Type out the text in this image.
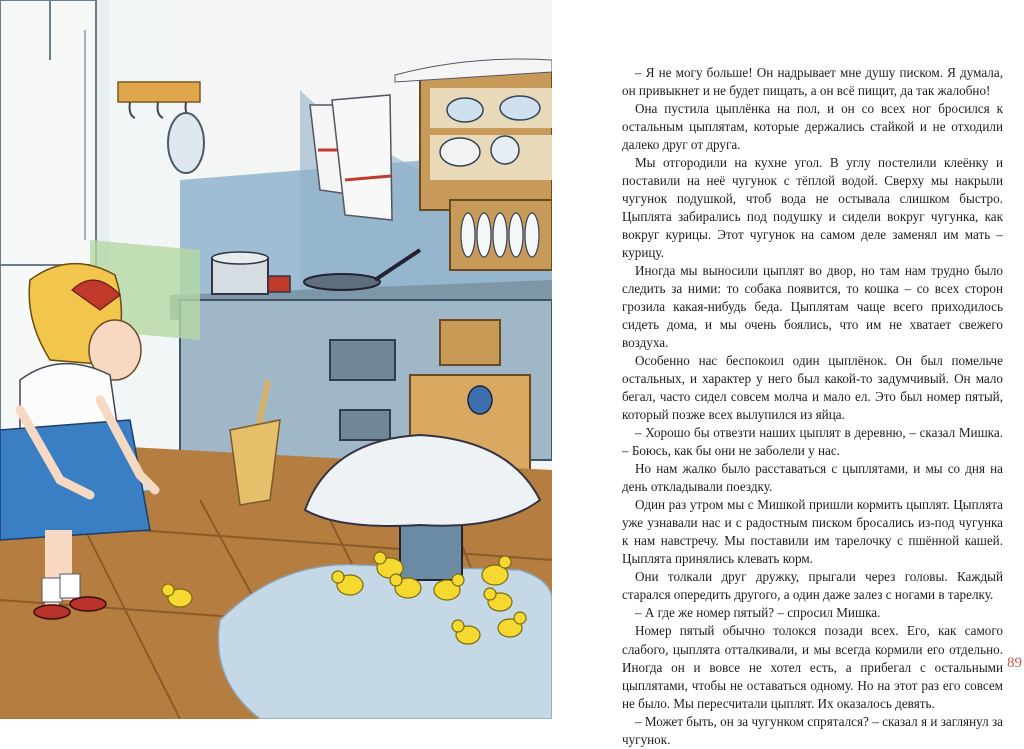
– Я не могу больше! Он надрывает мне душу писком. Я думала, он привыкнет и не будет пищать, а он всё пищит, да так жалобно!

Она пустила цыплёнка на пол, и он со всех ног бросился к остальным цыплятам, которые держались стайкой и не отходили далеко друг от друга.

Мы отгородили на кухне угол. В углу постелили клеёнку и поставили на неё чугунок с тёплой водой. Сверху мы накрыли чугунок подушкой, чтоб вода не остывала слишком быстро. Цыплята забирались под подушку и сидели вокруг чугунка, как вокруг курицы. Этот чугунок на самом деле заменял им мать – курицу.

Иногда мы выносили цыплят во двор, но там нам трудно было следить за ними: то собака появится, то кошка – со всех сторон грозила какая-нибудь беда. Цыплятам чаще всего приходилось сидеть дома, и мы очень боялись, что им не хватает свежего воздуха.

Особенно нас беспокоил один цыплёнок. Он был помельче остальных, и характер у него был какой-то задумчивый. Он мало бегал, часто сидел совсем молча и мало ел. Это был номер пятый, который позже всех вылупился из яйца.

– Хорошо бы отвезти наших цыплят в деревню, – сказал Мишка. – Боюсь, как бы они не заболели у нас.

Но нам жалко было расставаться с цыплятами, и мы со дня на день откладывали поездку.

Один раз утром мы с Мишкой пришли кормить цыплят. Цыплята уже узнавали нас и с радостным писком бросались из-под чугунка к нам навстречу. Мы поставили им тарелочку с пшённой кашей. Цыплята принялись клевать корм.

Они толкали друг дружку, прыгали через головы. Каждый старался опередить другого, а один даже залез с ногами в тарелку.

– А где же номер пятый? – спросил Мишка.

Номер пятый обычно толокся позади всех. Его, как самого слабого, цыплята отталкивали, и мы всегда кормили его отдельно. Иногда он и вовсе не хотел есть, а прибегал с остальными цыплятами, чтобы не оставаться одному. Но на этот раз его совсем не было. Мы пересчитали цыплят. Их оказалось девять.

– Может быть, он за чугунком спрятался? – сказал я и заглянул за чугунок.

89
